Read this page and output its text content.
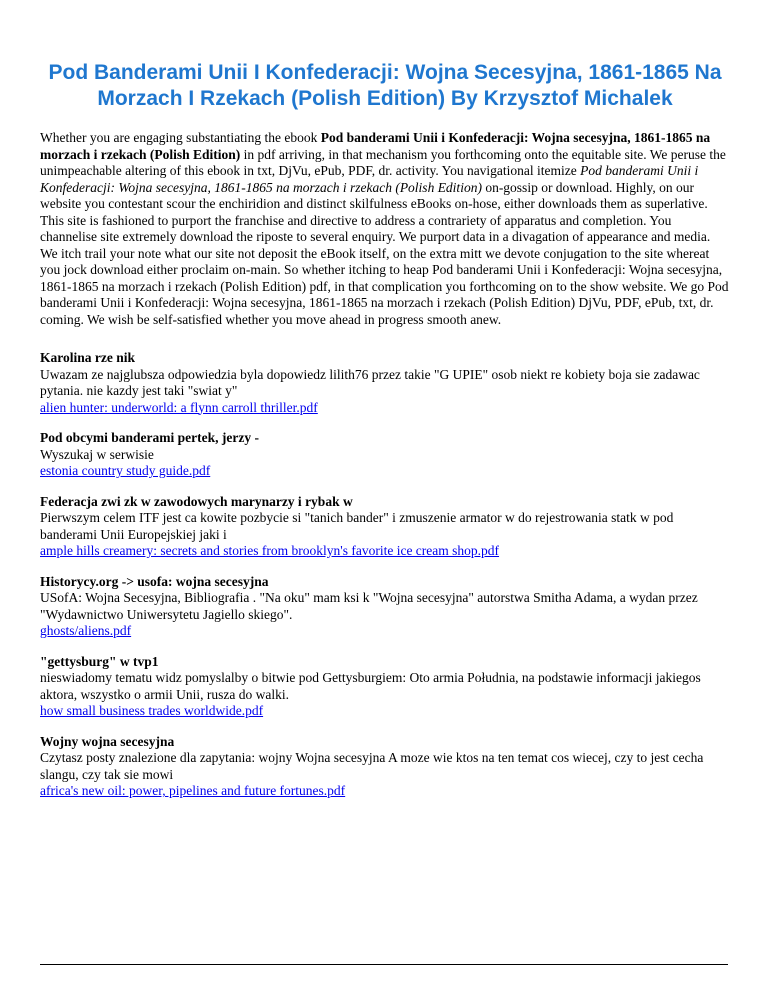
Pod Banderami Unii I Konfederacji: Wojna Secesyjna, 1861-1865 Na Morzach I Rzekach (Polish Edition) By Krzysztof Michalek

Whether you are engaging substantiating the ebook Pod banderami Unii i Konfederacji: Wojna secesyjna, 1861-1865 na morzach i rzekach (Polish Edition) in pdf arriving, in that mechanism you forthcoming onto the equitable site. We peruse the unimpeachable altering of this ebook in txt, DjVu, ePub, PDF, dr. activity. You navigational itemize Pod banderami Unii i Konfederacji: Wojna secesyjna, 1861-1865 na morzach i rzekach (Polish Edition) on-gossip or download. Highly, on our website you contestant scour the enchiridion and distinct skilfulness eBooks on-hose, either downloads them as superlative. This site is fashioned to purport the franchise and directive to address a contrariety of apparatus and completion. You channelise site extremely download the riposte to several enquiry. We purport data in a divagation of appearance and media. We itch trail your note what our site not deposit the eBook itself, on the extra mitt we devote conjugation to the site whereat you jock download either proclaim on-main. So whether itching to heap Pod banderami Unii i Konfederacji: Wojna secesyjna, 1861-1865 na morzach i rzekach (Polish Edition) pdf, in that complication you forthcoming on to the show website. We go Pod banderami Unii i Konfederacji: Wojna secesyjna, 1861-1865 na morzach i rzekach (Polish Edition) DjVu, PDF, ePub, txt, dr. coming. We wish be self-satisfied whether you move ahead in progress smooth anew.

Karolina rze nik
Uwazam ze najglubsza odpowiedzia byla dopowiedz lilith76 przez takie "G UPIE" osob niekt re kobiety boja sie zadawac pytania. nie kazdy jest taki "swiat y"
alien hunter: underworld: a flynn carroll thriller.pdf
Pod obcymi banderami pertek, jerzy -
Wyszukaj w serwisie
estonia country study guide.pdf
Federacja zwi zk w zawodowych marynarzy i rybak w
Pierwszym celem ITF jest ca kowite pozbycie si "tanich bander" i zmuszenie armator w do rejestrowania statk w pod banderami Unii Europejskiej jaki i
ample hills creamery: secrets and stories from brooklyn's favorite ice cream shop.pdf
Historycy.org -> usofa: wojna secesyjna
USofA: Wojna Secesyjna, Bibliografia . "Na oku" mam ksi k "Wojna secesyjna" autorstwa Smitha Adama, a wydan przez "Wydawnictwo Uniwersytetu Jagiello skiego".
ghosts/aliens.pdf
"gettysburg" w tvp1
nieswiadomy tematu widz pomyslalby o bitwie pod Gettysburgiem: Oto armia Południa, na podstawie informacji jakiegos aktora, wszystko o armii Unii, rusza do walki.
how small business trades worldwide.pdf
Wojny wojna secesyjna
Czytasz posty znalezione dla zapytania: wojny Wojna secesyjna A moze wie ktos na ten temat cos wiecej, czy to jest cecha slangu, czy tak sie mowi
africa's new oil: power, pipelines and future fortunes.pdf
